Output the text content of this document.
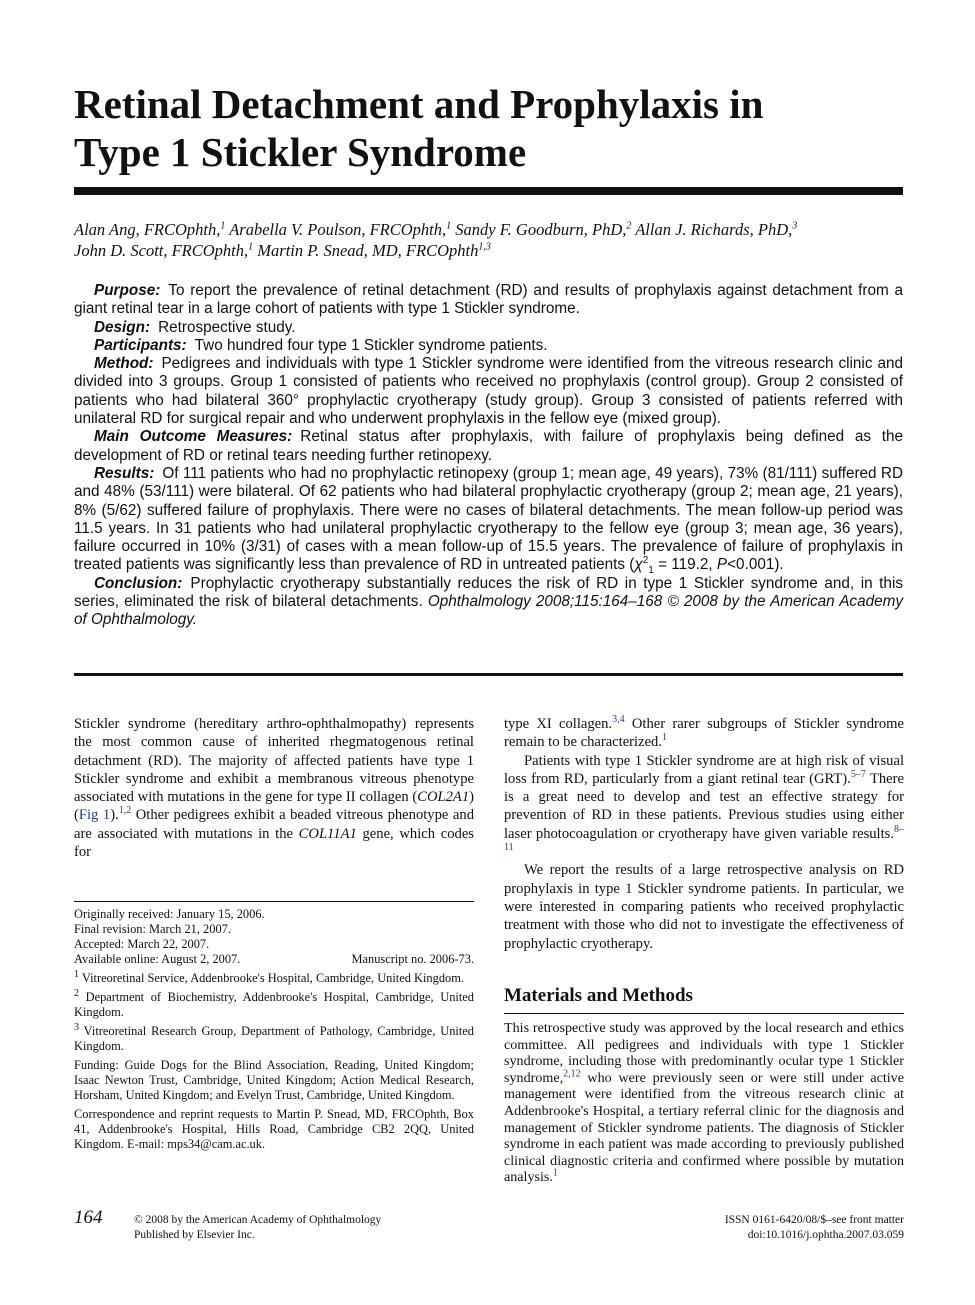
Retinal Detachment and Prophylaxis in
Type 1 Stickler Syndrome
Alan Ang, FRCOphth,$^1$ Arabella V. Poulson, FRCOphth,$^1$ Sandy F. Goodburn, PhD,$^2$ Allan J. Richards, PhD,$^3$
John D. Scott, FRCOphth,$^1$ Martin P. Snead, MD, FRCOphth$^{1,3}$

Purpose: To report the prevalence of retinal detachment (RD) and results of prophylaxis against detachment from a giant retinal tear in a large cohort of patients with type 1 Stickler syndrome.

Design: Retrospective study.

Participants: Two hundred four type 1 Stickler syndrome patients.

Method: Pedigrees and individuals with type 1 Stickler syndrome were identified from the vitreous research clinic and divided into 3 groups. Group 1 consisted of patients who received no prophylaxis (control group). Group 2 consisted of patients who had bilateral 360° prophylactic cryotherapy (study group). Group 3 consisted of patients referred with unilateral RD for surgical repair and who underwent prophylaxis in the fellow eye (mixed group).

Main Outcome Measures: Retinal status after prophylaxis, with failure of prophylaxis being defined as the development of RD or retinal tears needing further retinopexy.

Results: Of 111 patients who had no prophylactic retinopexy (group 1; mean age, 49 years), 73% (81/111) suffered RD and 48% (53/111) were bilateral. Of 62 patients who had bilateral prophylactic cryotherapy (group 2; mean age, 21 years), 8% (5/62) suffered failure of prophylaxis. There were no cases of bilateral detachments. The mean follow-up period was 11.5 years. In 31 patients who had unilateral prophylactic cryotherapy to the fellow eye (group 3; mean age, 36 years), failure occurred in 10% (3/31) of cases with a mean follow-up of 15.5 years. The prevalence of failure of prophylaxis in treated patients was significantly less than prevalence of RD in untreated patients ($\chi^2_1 = 119.2$, P<0.001).

Conclusion: Prophylactic cryotherapy substantially reduces the risk of RD in type 1 Stickler syndrome and, in this series, eliminated the risk of bilateral detachments. Ophthalmology 2008;115:164–168 © 2008 by the American Academy of Ophthalmology.

Stickler syndrome (hereditary arthro-ophthalmopathy) represents the most common cause of inherited rhegmatogenous retinal detachment (RD). The majority of affected patients have type 1 Stickler syndrome and exhibit a membranous vitreous phenotype associated with mutations in the gene for type II collagen (COL2A1) (Fig 1).$^{1,2}$ Other pedigrees exhibit a beaded vitreous phenotype and are associated with mutations in the COL11A1 gene, which codes for

Originally received: January 15, 2006.

Final revision: March 21, 2007.

Accepted: March 22, 2007.

Available online: August 2, 2007.	Manuscript no. 2006-73.

$^1$ Vitreoretinal Service, Addenbrooke's Hospital, Cambridge, United Kingdom.

$^2$ Department of Biochemistry, Addenbrooke's Hospital, Cambridge, United Kingdom.

$^3$ Vitreoretinal Research Group, Department of Pathology, Cambridge, United Kingdom.

Funding: Guide Dogs for the Blind Association, Reading, United Kingdom; Isaac Newton Trust, Cambridge, United Kingdom; Action Medical Research, Horsham, United Kingdom; and Evelyn Trust, Cambridge, United Kingdom.

Correspondence and reprint requests to Martin P. Snead, MD, FRCOphth, Box 41, Addenbrooke's Hospital, Hills Road, Cambridge CB2 2QQ, United Kingdom. E-mail: mps34@cam.ac.uk.

type XI collagen.$^{3,4}$ Other rarer subgroups of Stickler syndrome remain to be characterized.$^1$

Patients with type 1 Stickler syndrome are at high risk of visual loss from RD, particularly from a giant retinal tear (GRT).$^{5-7}$ There is a great need to develop and test an effective strategy for prevention of RD in these patients. Previous studies using either laser photocoagulation or cryotherapy have given variable results.$^{8-11}$

We report the results of a large retrospective analysis on RD prophylaxis in type 1 Stickler syndrome patients. In particular, we were interested in comparing patients who received prophylactic treatment with those who did not to investigate the effectiveness of prophylactic cryotherapy.

Materials and Methods

This retrospective study was approved by the local research and ethics committee. All pedigrees and individuals with type 1 Stickler syndrome, including those with predominantly ocular type 1 Stickler syndrome,$^{2,12}$ who were previously seen or were still under active management were identified from the vitreous research clinic at Addenbrooke's Hospital, a tertiary referral clinic for the diagnosis and management of Stickler syndrome patients. The diagnosis of Stickler syndrome in each patient was made according to previously published clinical diagnostic criteria and confirmed where possible by mutation analysis.$^1$

164	© 2008 by the American Academy of Ophthalmology
Published by Elsevier Inc.
ISSN 0161-6420/08/$–see front matter
doi:10.1016/j.ophtha.2007.03.059
